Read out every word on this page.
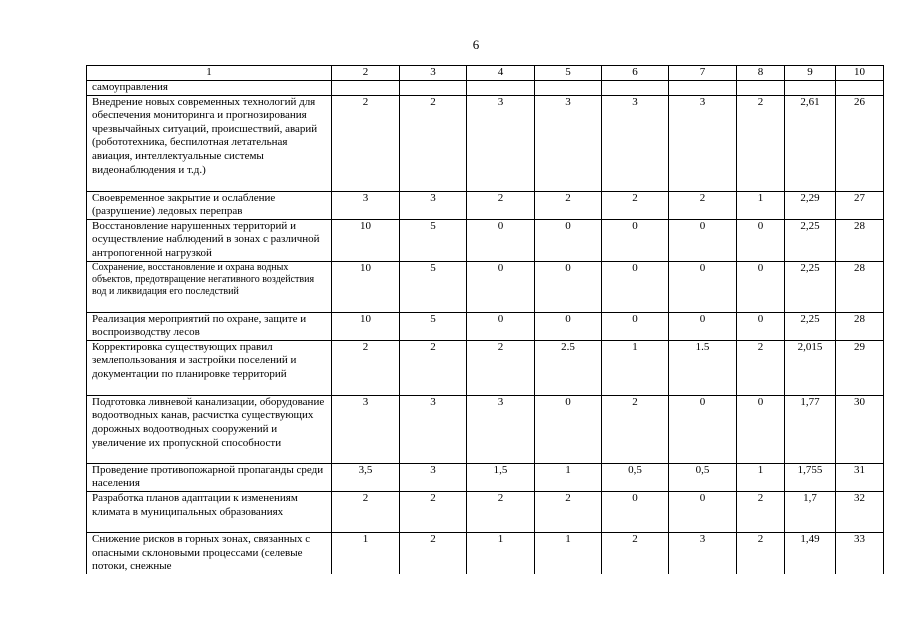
6
1	2	3	4	5	6	7	8	9	10
самоуправления									
Внедрение новых современных технологий для обеспечения мониторинга и прогнозирования чрезвычайных ситуаций, происшествий, аварий (робототехника, беспилотная летательная авиация, интеллектуальные системы видеонаблюдения и т.д.)	2	2	3	3	3	3	2	2,61	26
Своевременное закрытие и ослабление (разрушение) ледовых переправ	3	3	2	2	2	2	1	2,29	27
Восстановление нарушенных территорий и осуществление наблюдений в зонах с различной антропогенной нагрузкой	10	5	0	0	0	0	0	2,25	28
Сохранение, восстановление и охрана водных объектов, предотвращение негативного воздействия вод и ликвидация его последствий	10	5	0	0	0	0	0	2,25	28
Реализация мероприятий по охране, защите и воспроизводству лесов	10	5	0	0	0	0	0	2,25	28
Корректировка существующих правил землепользования и застройки поселений и документации по планировке территорий	2	2	2	2.5	1	1.5	2	2,015	29
Подготовка ливневой канализации, оборудование водоотводных канав, расчистка существующих дорожных водоотводных сооружений и увеличение их пропускной способности	3	3	3	0	2	0	0	1,77	30
Проведение противопожарной пропаганды среди населения	3,5	3	1,5	1	0,5	0,5	1	1,755	31
Разработка планов адаптации к изменениям климата в муниципальных образованиях	2	2	2	2	0	0	2	1,7	32
Снижение рисков в горных зонах, связанных с опасными склоновыми процессами (селевые потоки, снежные	1	2	1	1	2	3	2	1,49	33
